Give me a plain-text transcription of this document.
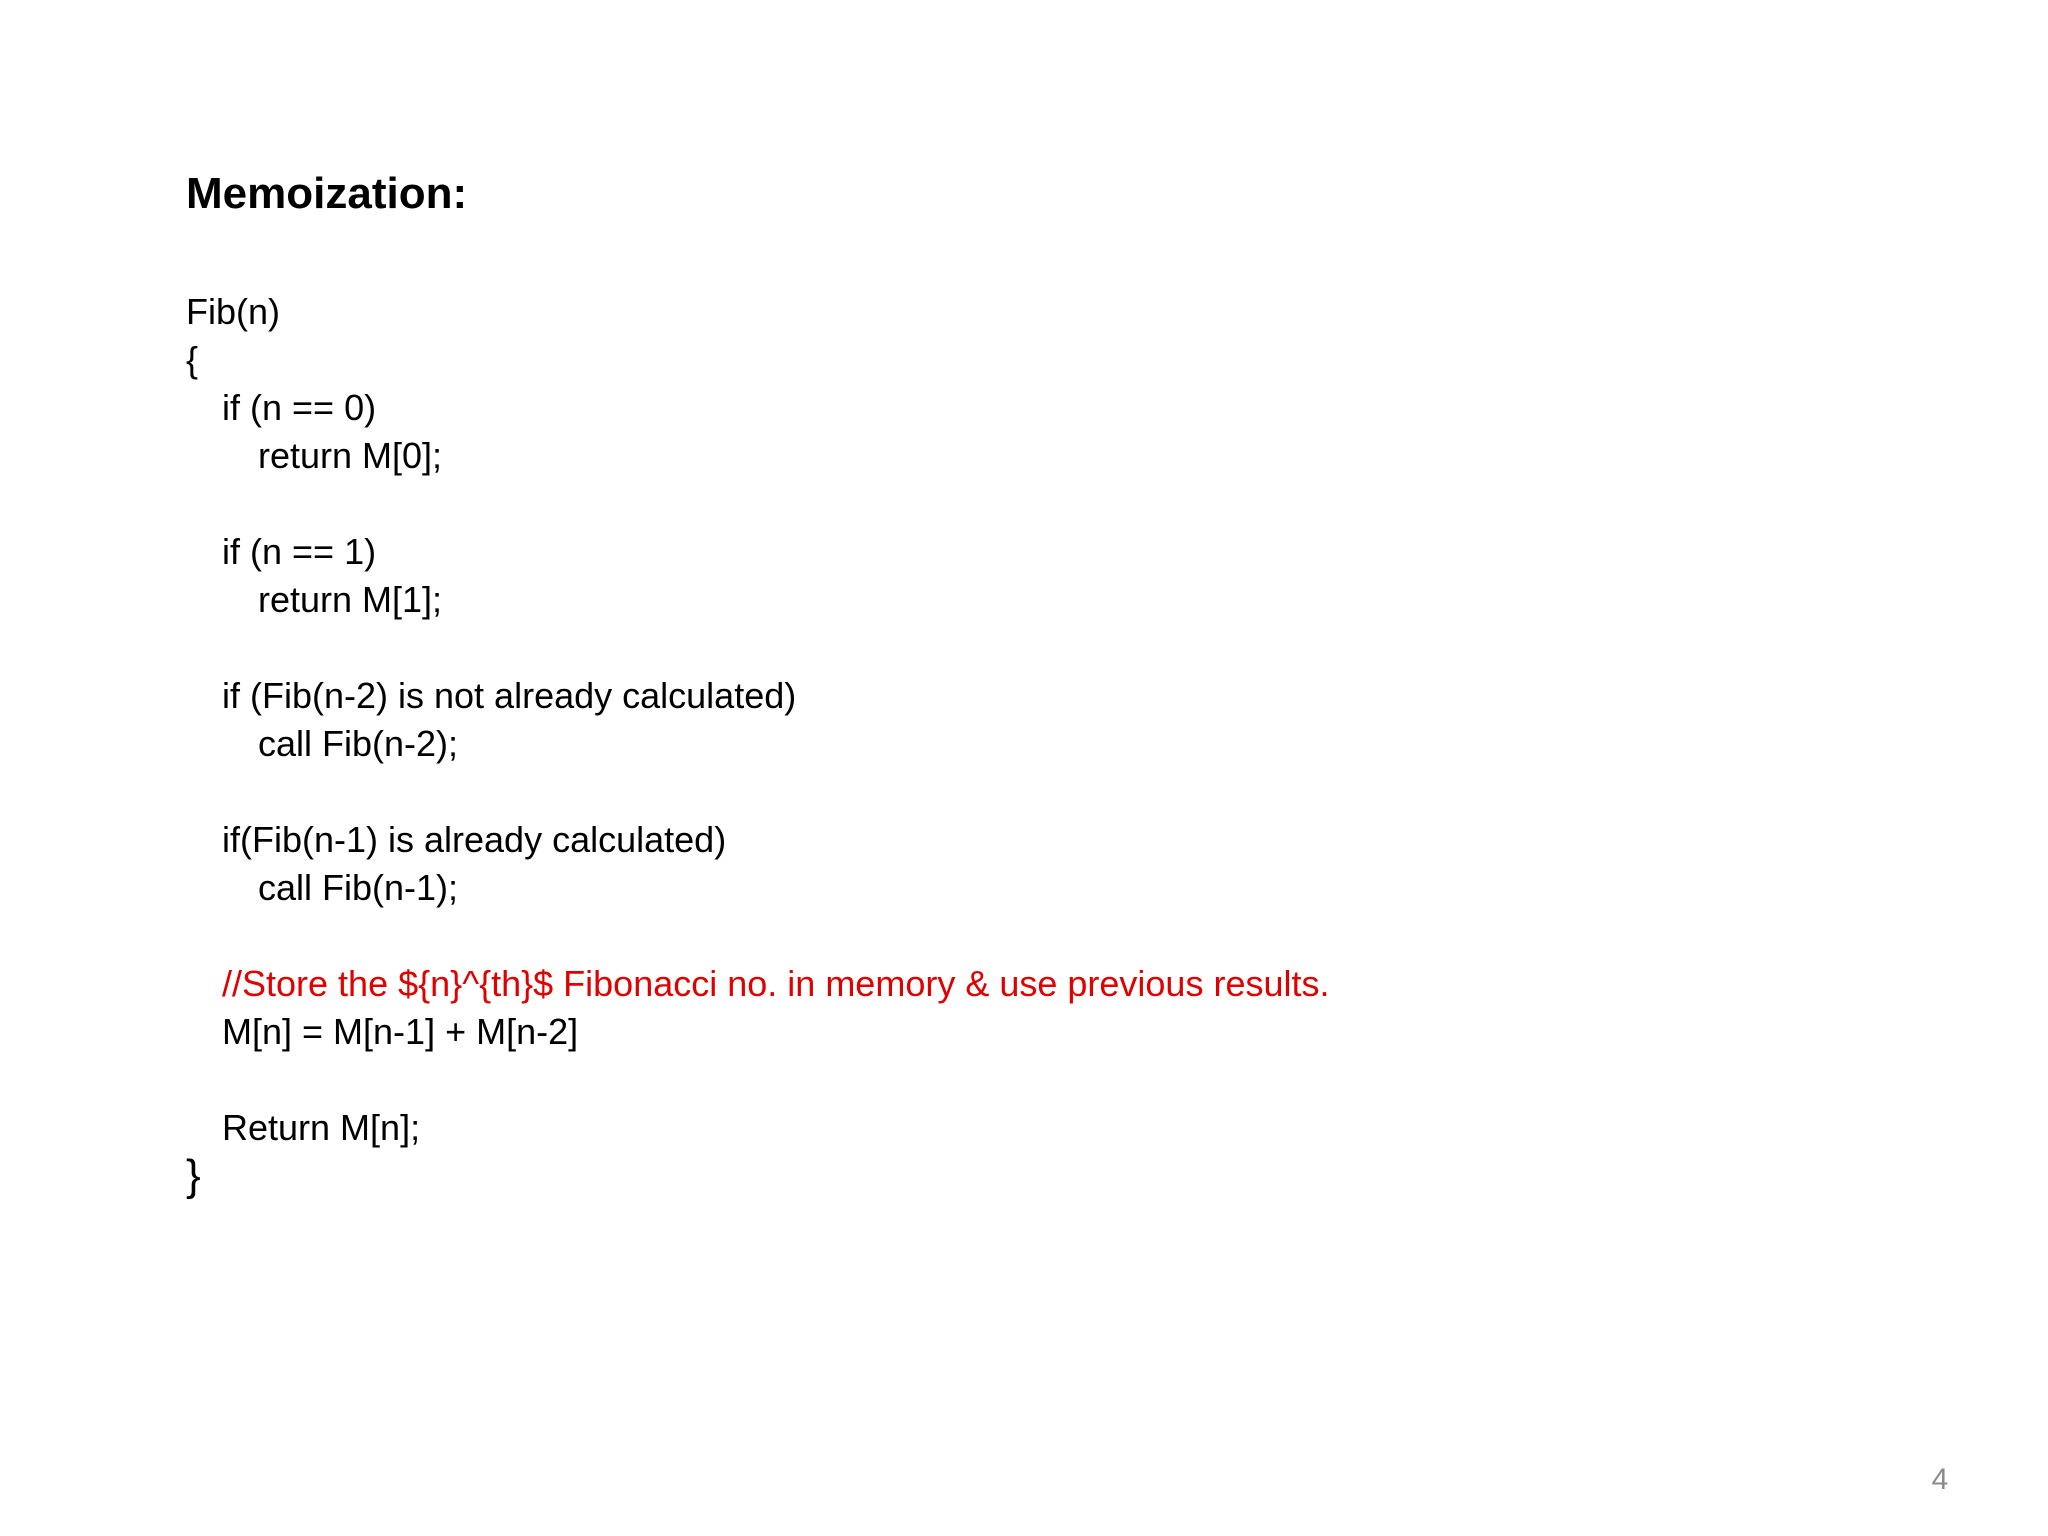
Memoization:
Fib(n)
{
if (n == 0)
return M[0];
if (n == 1)
return M[1];
if (Fib(n-2) is not already calculated)
call Fib(n-2);
if(Fib(n-1) is already calculated)
call Fib(n-1);
//Store the ${n}^{th}$ Fibonacci no. in memory & use previous results.
M[n] = M[n-1] + M[n-2]
Return M[n];
}
4
